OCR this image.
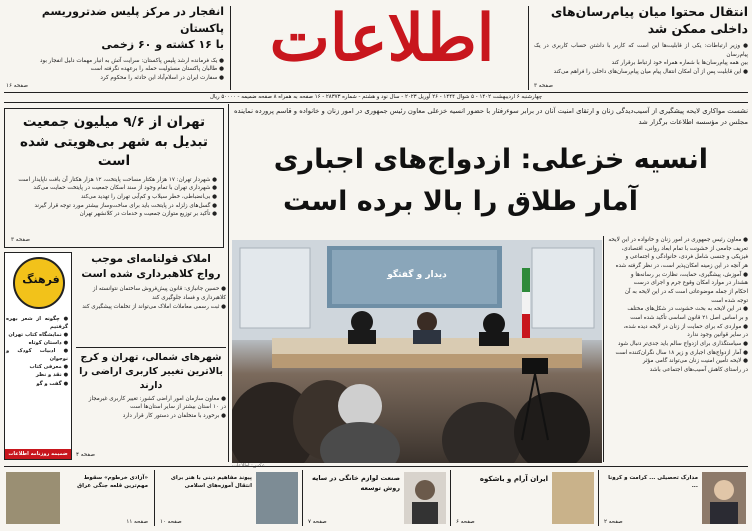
انتقال محتوا میان پیام‌رسان‌های داخلی ممکن شد
● وزیر ارتباطات: یکی از قابلیت‌ها این است که کاربر با داشتن حساب کاربری در یک پیام‌رسان
بین همه پیام‌رسان‌ها با شماره همراه خود ارتباط برقرار کند
● این قابلیت پس از آن امکان انتقال پیام میان پیام‌رسان‌های داخلی را فراهم می‌کند
صفحه ۳
اطلاعات
انفجار در مرکز پلیس ضدتروریسم پاکستان
با ۱۶ کشته و ۶۰ زخمی
● یک فرمانده ارشد پلیس پاکستان: سرایت آتش به انبار مهمات دلیل انفجار بود
● طالبان پاکستان مسئولیت حمله را برعهده نگرفته است
● سفارت ایران در اسلام‌آباد این حادثه را محکوم کرد
صفحه ۱۶
چهارشنبه ۶ اردیبهشت ۱۴۰۲ - ۵ شوال ۱۴۴۴ - ۲۶ آوریل ۲۰۲۳ - سال نود و هشتم - شماره ۲۸۳۷۳ - ۱۶ صفحه به همراه ۸ صفحه ضمیمه - ۵۰۰۰۰ ریال
نشست مواکاری لایحه پیشگیری از آسیب‌دیدگی زنان و ارتقای امنیت آنان در برابر سوءرفتار با حضور انسیه خزعلی معاون رئیس جمهوری در امور زنان و خانواده و قاسم پرورده نماینده مجلس در مؤسسه اطلاعات برگزار شد
انسیه خزعلی: ازدواج‌های اجباری
آمار طلاق را بالا برده است
● معاون رئیس جمهوری در امور زنان و خانواده در این لایحه
تعریف جامعی از خشونت با تمام ابعاد روانی، اقتصادی،
فیزیکی و جنسی شامل فردی، خانوادگی و اجتماعی و
هر آنچه در این زمینه امکان‌پذیر است، در نظر گرفته شده
● آموزش، پیشگیری، حمایت، نظارت بر رسانه‌ها و
هشدار در موارد امکان وقوع جرم و اجرای درست
احکام از جمله موضوعاتی است که در این لایحه به آن
توجه شده است
● در این لایحه به بحث خشونت در شکل‌های مختلف
و بر اساس اصل ۲۱ قانون اساسی تأکید شده است
● مواردی که برای حمایت از زنان در لایحه دیده شده،
در سایر قوانین وجود ندارد
● سیاستگذاری برای ازدواج سالم باید جدی‌تر دنبال شود
● آمار ازدواج‌های اجباری و زیر ۱۸ سال نگران‌کننده است
● لایحه تأمین امنیت زنان می‌تواند گامی مؤثر
در راستای کاهش آسیب‌های اجتماعی باشد
دیدار و گفتگو
تهران از ۹/۶ میلیون جمعیت
تبدیل به شهر بی‌هویتی شده است
● شهردار تهران: ۱۷ هزار هکتار مساحت پایتخت، ۱۲ هزار هکتار آن بافت ناپایدار است
● شهرداری تهران با تمام وجود از سند اسکان جمعیت در پایتخت حمایت می‌کند
● بی‌انضباطی، خطر سیلاب و کم‌آبی تهران را تهدید می‌کند
● گسل‌های زلزله در پایتخت باید برای ساخت‌وساز بیشتر مورد توجه قرار گیرند
● تأکید بر توزیع متوازن جمعیت و خدمات در کلانشهر تهران
صفحه ۳
فرهنگ
● چگونه از شعر بهره گرفتیم
● نمایشگاه کتاب تهران
● داستان کوتاه
● ادبیات کودک و نوجوان
● معرفی کتاب
● نقد و نظر
● گفت و گو
ضمیمه روزنامه اطلاعات
املاک قولنامه‌ای موجب
رواج کلاهبرداری شده است
● حسین جانبازی: قانون پیش‌فروش ساختمان نتوانسته از
کلاهبرداری و فساد جلوگیری کند
● ثبت رسمی معاملات املاک می‌تواند از تخلفات پیشگیری کند
شهرهای شمالی، تهران و کرج
بالاترین تغییر کاربری اراضی را دارند
● معاون سازمان امور اراضی کشور: تغییر کاربری غیرمجاز
در ۱۰ استان بیشتر از سایر استان‌ها است
● برخورد با متخلفان در دستور کار قرار دارد
صفحه ۴
مدارک تحصیلی ... کرامت و کرونا ...
صفحه ۲
ایران آرام و باشکوه
صفحه ۶
صنعت لوازم خانگی در سایه روش توسعه
صفحه ۷
پیوند مفاهیم دینی با هنر برای انتقال آموزه‌های اسلامی
صفحه ۱۰
«آزادی خرطوم» سقوط مهم‌ترین قلعه جنگی عراق
صفحه ۱۱
